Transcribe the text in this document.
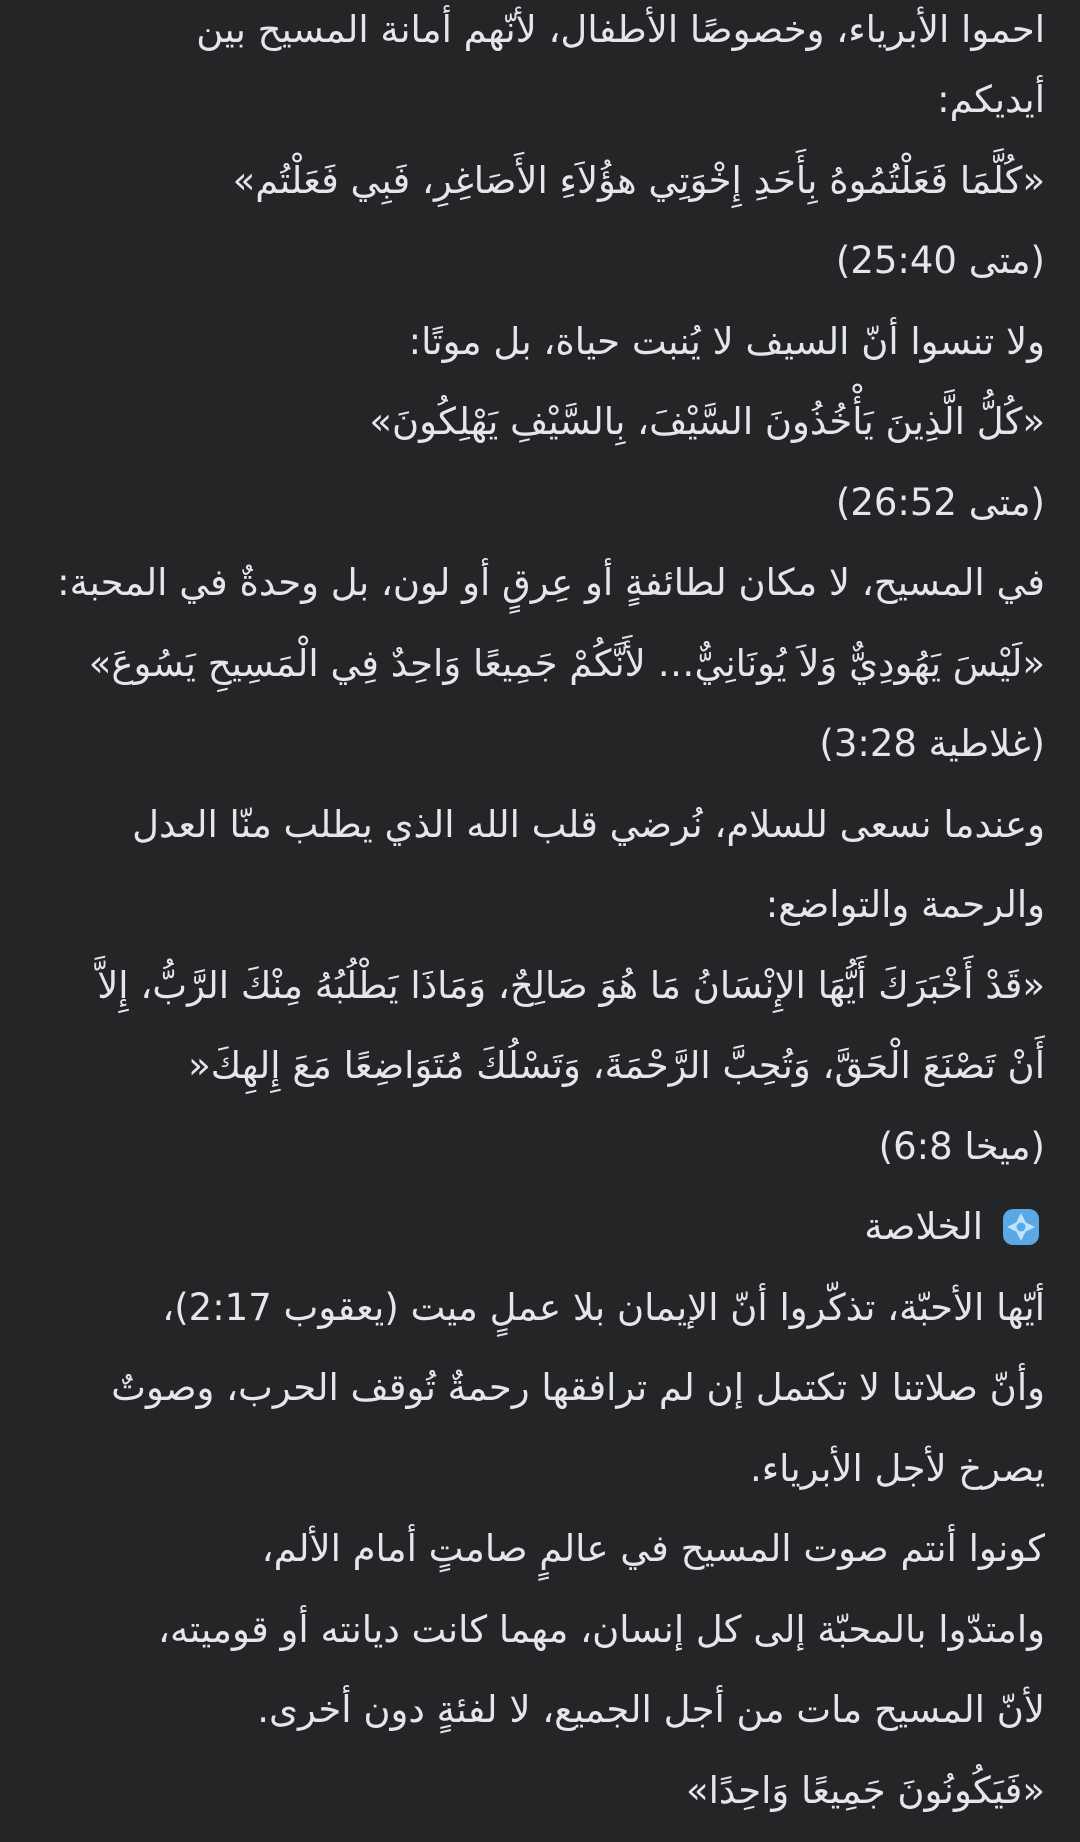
احموا الأبرياء، وخصوصًا الأطفال، لأنّهم أمانة المسيح بين
أيديكم:
«كُلَّمَا فَعَلْتُمُوهُ بِأَحَدِ إِخْوَتِي هؤُلاَءِ الأَصَاغِرِ، فَبِي فَعَلْتُم»
(متى 25:40)
ولا تنسوا أنّ السيف لا يُنبت حياة، بل موتًا:
«كُلُّ الَّذِينَ يَأْخُذُونَ السَّيْفَ، بِالسَّيْفِ يَهْلِكُونَ»
(متى 26:52)
في المسيح، لا مكان لطائفةٍ أو عِرقٍ أو لون، بل وحدةٌ في المحبة:
«لَيْسَ يَهُودِيٌّ وَلاَ يُونَانِيٌّ… لأَنَّكُمْ جَمِيعًا وَاحِدٌ فِي الْمَسِيحِ يَسُوعَ»
(غلاطية 3:28)
وعندما نسعى للسلام، نُرضي قلب الله الذي يطلب منّا العدل
والرحمة والتواضع:
«قَدْ أَخْبَرَكَ أَيُّهَا الإِنْسَانُ مَا هُوَ صَالِحٌ، وَمَاذَا يَطْلُبُهُ مِنْكَ الرَّبُّ، إِلاَّ
أَنْ تَصْنَعَ الْحَقَّ، وَتُحِبَّ الرَّحْمَةَ، وَتَسْلُكَ مُتَوَاضِعًا مَعَ إِلهِكَ«
(ميخا 6:8)
الخلاصة
أيّها الأحبّة، تذكّروا أنّ الإيمان بلا عملٍ ميت (يعقوب 2:17)،
وأنّ صلاتنا لا تكتمل إن لم ترافقها رحمةٌ تُوقف الحرب، وصوتٌ
يصرخ لأجل الأبرياء.
كونوا أنتم صوت المسيح في عالمٍ صامتٍ أمام الألم،
وامتدّوا بالمحبّة إلى كل إنسان، مهما كانت ديانته أو قوميته،
لأنّ المسيح مات من أجل الجميع، لا لفئةٍ دون أخرى.
«فَيَكُونُونَ جَمِيعًا وَاحِدًا»
